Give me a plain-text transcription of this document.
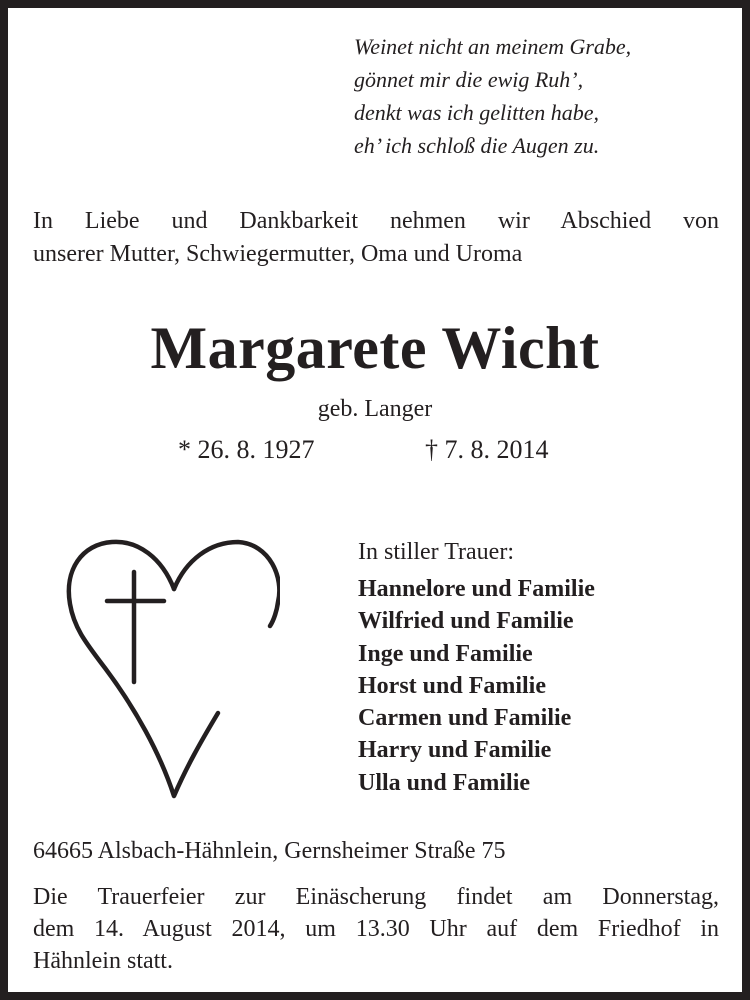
Weinet nicht an meinem Grabe,
gönnet mir die ewig Ruh’,
denkt was ich gelitten habe,
eh’ ich schloß die Augen zu.
In Liebe und Dankbarkeit nehmen wir Abschied von
unserer Mutter, Schwiegermutter, Oma und Uroma
Margarete Wicht
geb. Langer
* 26. 8. 1927	† 7. 8. 2014
In stiller Trauer:
Hannelore und Familie
Wilfried und Familie
Inge und Familie
Horst und Familie
Carmen und Familie
Harry und Familie
Ulla und Familie
64665 Alsbach-Hähnlein, Gernsheimer Straße 75
Die Trauerfeier zur Einäscherung findet am Donnerstag,
dem 14. August 2014, um 13.30 Uhr auf dem Friedhof in
Hähnlein statt.
